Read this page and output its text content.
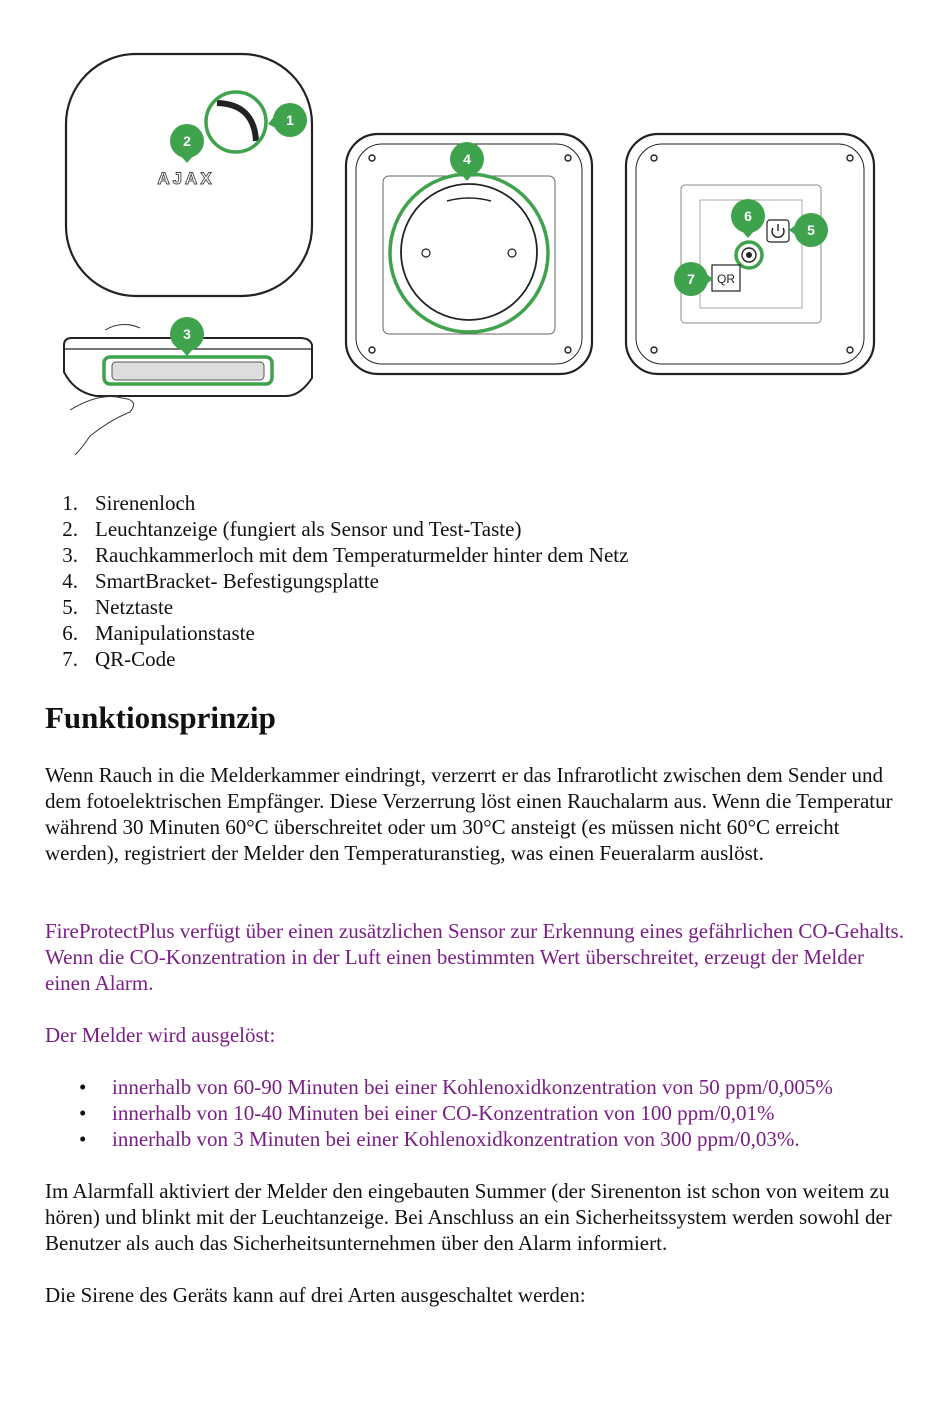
AJAX
QR
1
2
3
4
5
6
7
1. Sirenenloch
2. Leuchtanzeige (fungiert als Sensor und Test-Taste)
3. Rauchkammerloch mit dem Temperaturmelder hinter dem Netz
4. SmartBracket- Befestigungsplatte
5. Netztaste
6. Manipulationstaste
7. QR-Code
Funktionsprinzip

Wenn Rauch in die Melderkammer eindringt, verzerrt er das Infrarotlicht zwischen dem Sender und dem fotoelektrischen Empfänger. Diese Verzerrung löst einen Rauchalarm aus. Wenn die Temperatur während 30 Minuten 60°C überschreitet oder um 30°C ansteigt (es müssen nicht 60°C erreicht werden), registriert der Melder den Temperaturanstieg, was einen Feueralarm auslöst.

FireProtectPlus verfügt über einen zusätzlichen Sensor zur Erkennung eines gefährlichen CO-Gehalts. Wenn die CO-Konzentration in der Luft einen bestimmten Wert überschreitet, erzeugt der Melder einen Alarm.

Der Melder wird ausgelöst:

•	innerhalb von 60-90 Minuten bei einer Kohlenoxidkonzentration von 50 ppm/0,005%
•	innerhalb von 10-40 Minuten bei einer CO-Konzentration von 100 ppm/0,01%
•	innerhalb von 3 Minuten bei einer Kohlenoxidkonzentration von 300 ppm/0,03%.

Im Alarmfall aktiviert der Melder den eingebauten Summer (der Sirenenton ist schon von weitem zu hören) und blinkt mit der Leuchtanzeige. Bei Anschluss an ein Sicherheitssystem werden sowohl der Benutzer als auch das Sicherheitsunternehmen über den Alarm informiert.

Die Sirene des Geräts kann auf drei Arten ausgeschaltet werden:
